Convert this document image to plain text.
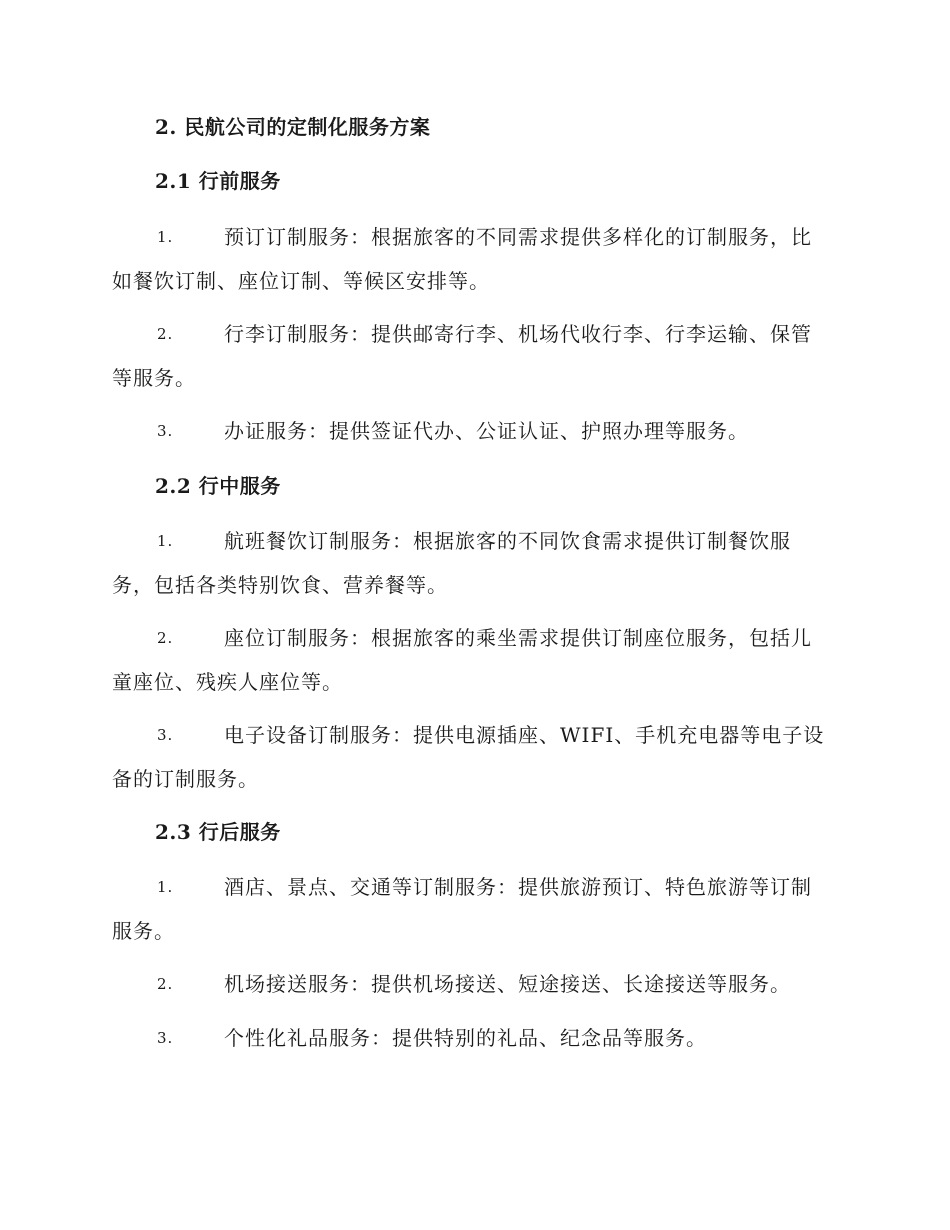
2. 民航公司的定制化服务方案
2.1 行前服务
1.	预订订制服务：根据旅客的不同需求提供多样化的订制服务，比
如餐饮订制、座位订制、等候区安排等。
2.	行李订制服务：提供邮寄行李、机场代收行李、行李运输、保管
等服务。
3.	办证服务：提供签证代办、公证认证、护照办理等服务。
2.2 行中服务
1.	航班餐饮订制服务：根据旅客的不同饮食需求提供订制餐饮服
务，包括各类特别饮食、营养餐等。
2.	座位订制服务：根据旅客的乘坐需求提供订制座位服务，包括儿
童座位、残疾人座位等。
3.	电子设备订制服务：提供电源插座、WIFI、手机充电器等电子设
备的订制服务。
2.3 行后服务
1.	酒店、景点、交通等订制服务：提供旅游预订、特色旅游等订制
服务。
2.	机场接送服务：提供机场接送、短途接送、长途接送等服务。
3.	个性化礼品服务：提供特别的礼品、纪念品等服务。
